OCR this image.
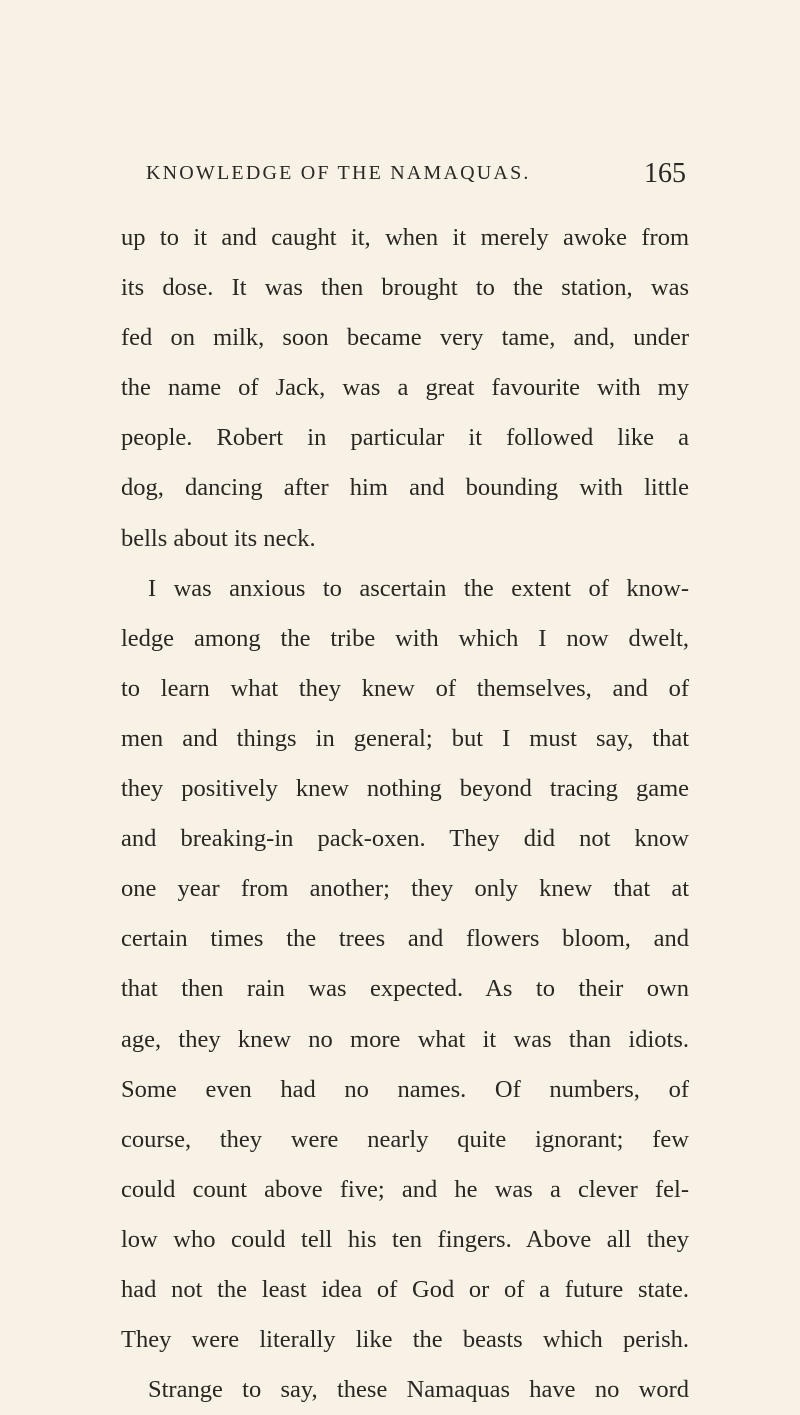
KNOWLEDGE OF THE NAMAQUAS.	165
up to it and caught it, when it merely awoke from
its dose. It was then brought to the station, was
fed on milk, soon became very tame, and, under
the name of Jack, was a great favourite with my
people. Robert in particular it followed like a
dog, dancing after him and bounding with little
bells about its neck.
I was anxious to ascertain the extent of know-
ledge among the tribe with which I now dwelt,
to learn what they knew of themselves, and of
men and things in general; but I must say, that
they positively knew nothing beyond tracing game
and breaking-in pack-oxen. They did not know
one year from another; they only knew that at
certain times the trees and flowers bloom, and
that then rain was expected. As to their own
age, they knew no more what it was than idiots.
Some even had no names. Of numbers, of
course, they were nearly quite ignorant; few
could count above five; and he was a clever fel-
low who could tell his ten fingers. Above all they
had not the least idea of God or of a future state.
They were literally like the beasts which perish.
Strange to say, these Namaquas have no word
